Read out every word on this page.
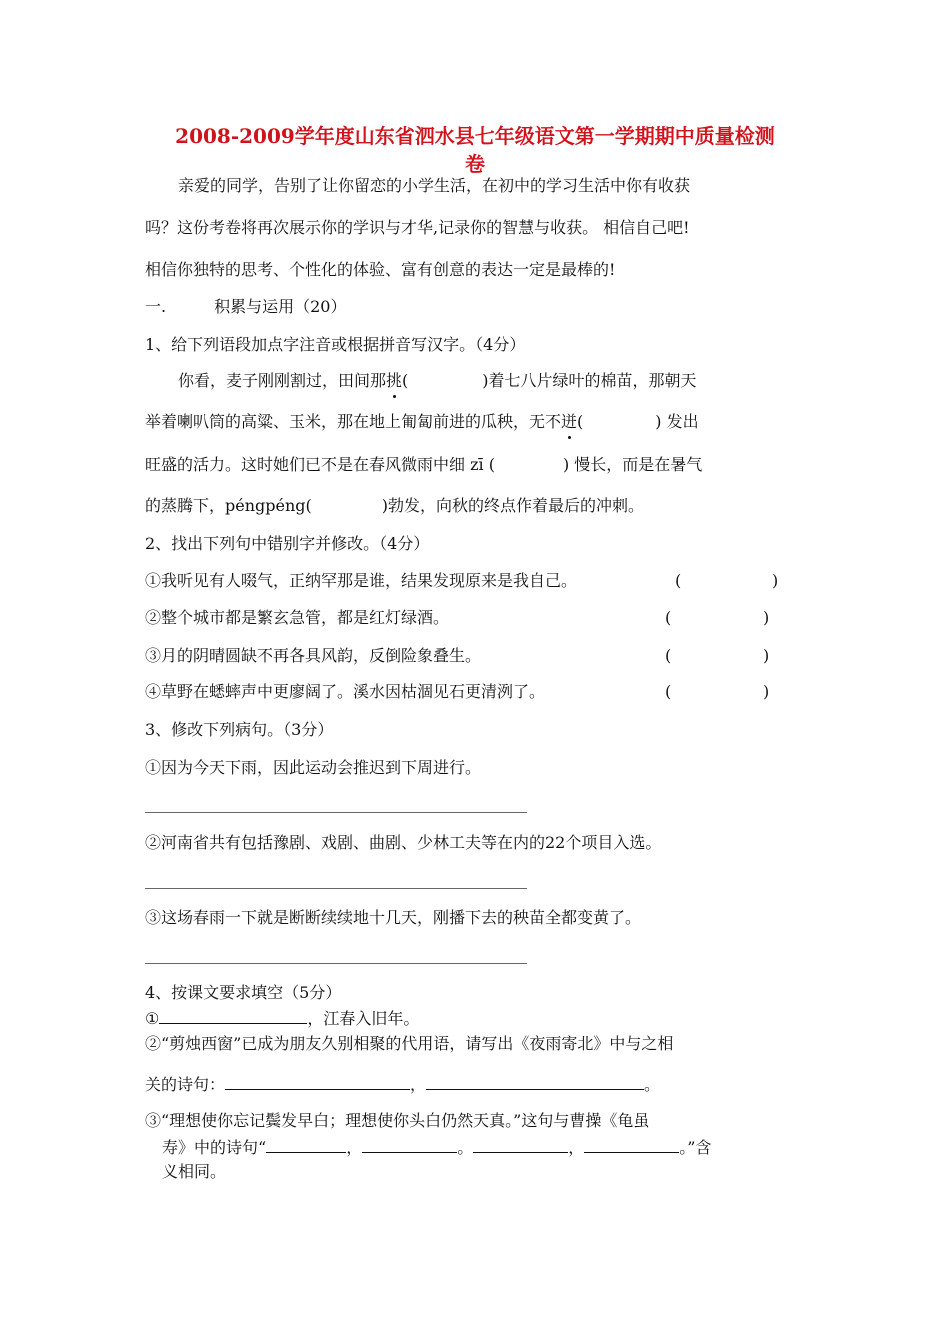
2008-2009学年度山东省泗水县七年级语文第一学期期中质量检测
卷
亲爱的同学，告别了让你留恋的小学生活，在初中的学习生活中你有收获
吗？这份考卷将再次展示你的学识与才华,记录你的智慧与收获。 相信自己吧!
相信你独特的思考、个性化的体验、富有创意的表达一定是最棒的!
一.	积累与运用（20）
1、给下列语段加点字注音或根据拼音写汉字。（4分）
你看，麦子刚刚割过，田间那挑(	)着七八片绿叶的棉苗，那朝天
举着喇叭筒的高粱、玉米，那在地上匍匐前进的瓜秧，无不迸(	) 发出
旺盛的活力。这时她们已不是在春风微雨中细 zī (	) 慢长，而是在暑气
的蒸腾下，péngpéng(	)勃发，向秋的终点作着最后的冲刺。
2、找出下列句中错别字并修改。（4分）
①我听见有人啜气，正纳罕那是谁，结果发现原来是我自己。	(	)
②整个城市都是繁玄急管，都是红灯绿酒。	(	)
③月的阴晴圆缺不再各具风韵，反倒险象叠生。	(	)
④草野在蟋蟀声中更廖阔了。溪水因枯涸见石更清洌了。	(	)
3、修改下列病句。（3分）
①因为今天下雨，因此运动会推迟到下周进行。
②河南省共有包括豫剧、戏剧、曲剧、少林工夫等在内的22个项目入选。
③这场春雨一下就是断断续续地十几天，刚播下去的秧苗全都变黄了。
4、按课文要求填空（5分）
①	，江春入旧年。
②“剪烛西窗”已成为朋友久别相聚的代用语，请写出《夜雨寄北》中与之相
关的诗句：	，	。
③“理想使你忘记鬓发早白；理想使你头白仍然天真。”这句与曹操《龟虽
寿》中的诗句“	，	。	，	。”含
义相同。
